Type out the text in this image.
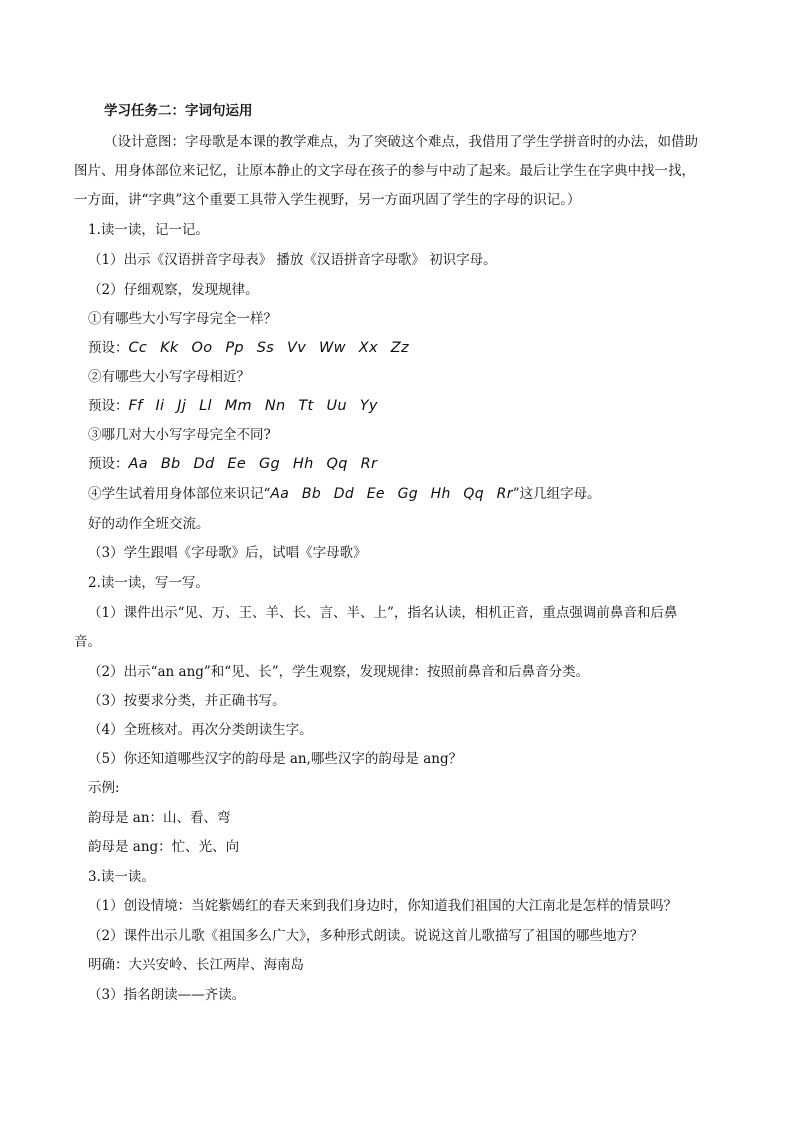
学习任务二：字词句运用
（设计意图：字母歌是本课的教学难点，为了突破这个难点，我借用了学生学拼音时的办法，如借助
图片、用身体部位来记忆，让原本静止的文字母在孩子的参与中动了起来。最后让学生在字典中找一找，
一方面，讲“字典”这个重要工具带入学生视野，另一方面巩固了学生的字母的识记。）
1.读一读，记一记。
（1）出示《汉语拼音字母表》 播放《汉语拼音字母歌》 初识字母。
（2）仔细观察，发现规律。
①有哪些大小写字母完全一样？
预设：Cc Kk Oo Pp Ss Vv Ww Xx Zz
②有哪些大小写字母相近？
预设：Ff Ii Jj Ll Mm Nn Tt Uu Yy
③哪几对大小写字母完全不同?
预设：Aa Bb Dd Ee Gg Hh Qq Rr
④学生试着用身体部位来识记“Aa Bb Dd Ee Gg Hh Qq Rr”这几组字母。
好的动作全班交流。
（3）学生跟唱《字母歌》后，试唱《字母歌》
2.读一读，写一写。
（1）课件出示“见、万、王、羊、长、言、半、上”，指名认读，相机正音，重点强调前鼻音和后鼻
音。
（2）出示“an ang”和“见、长”，学生观察，发现规律：按照前鼻音和后鼻音分类。
（3）按要求分类，并正确书写。
（4）全班核对。再次分类朗读生字。
（5）你还知道哪些汉字的韵母是 an,哪些汉字的韵母是 ang？
示例:
韵母是 an：山、看、弯
韵母是 ang：忙、光、向
3.读一读。
（1）创设情境：当姹紫嫣红的春天来到我们身边时，你知道我们祖国的大江南北是怎样的情景吗？
（2）课件出示儿歌《祖国多么广大》，多种形式朗读。说说这首儿歌描写了祖国的哪些地方？
明确：大兴安岭、长江两岸、海南岛
（3）指名朗读——齐读。
